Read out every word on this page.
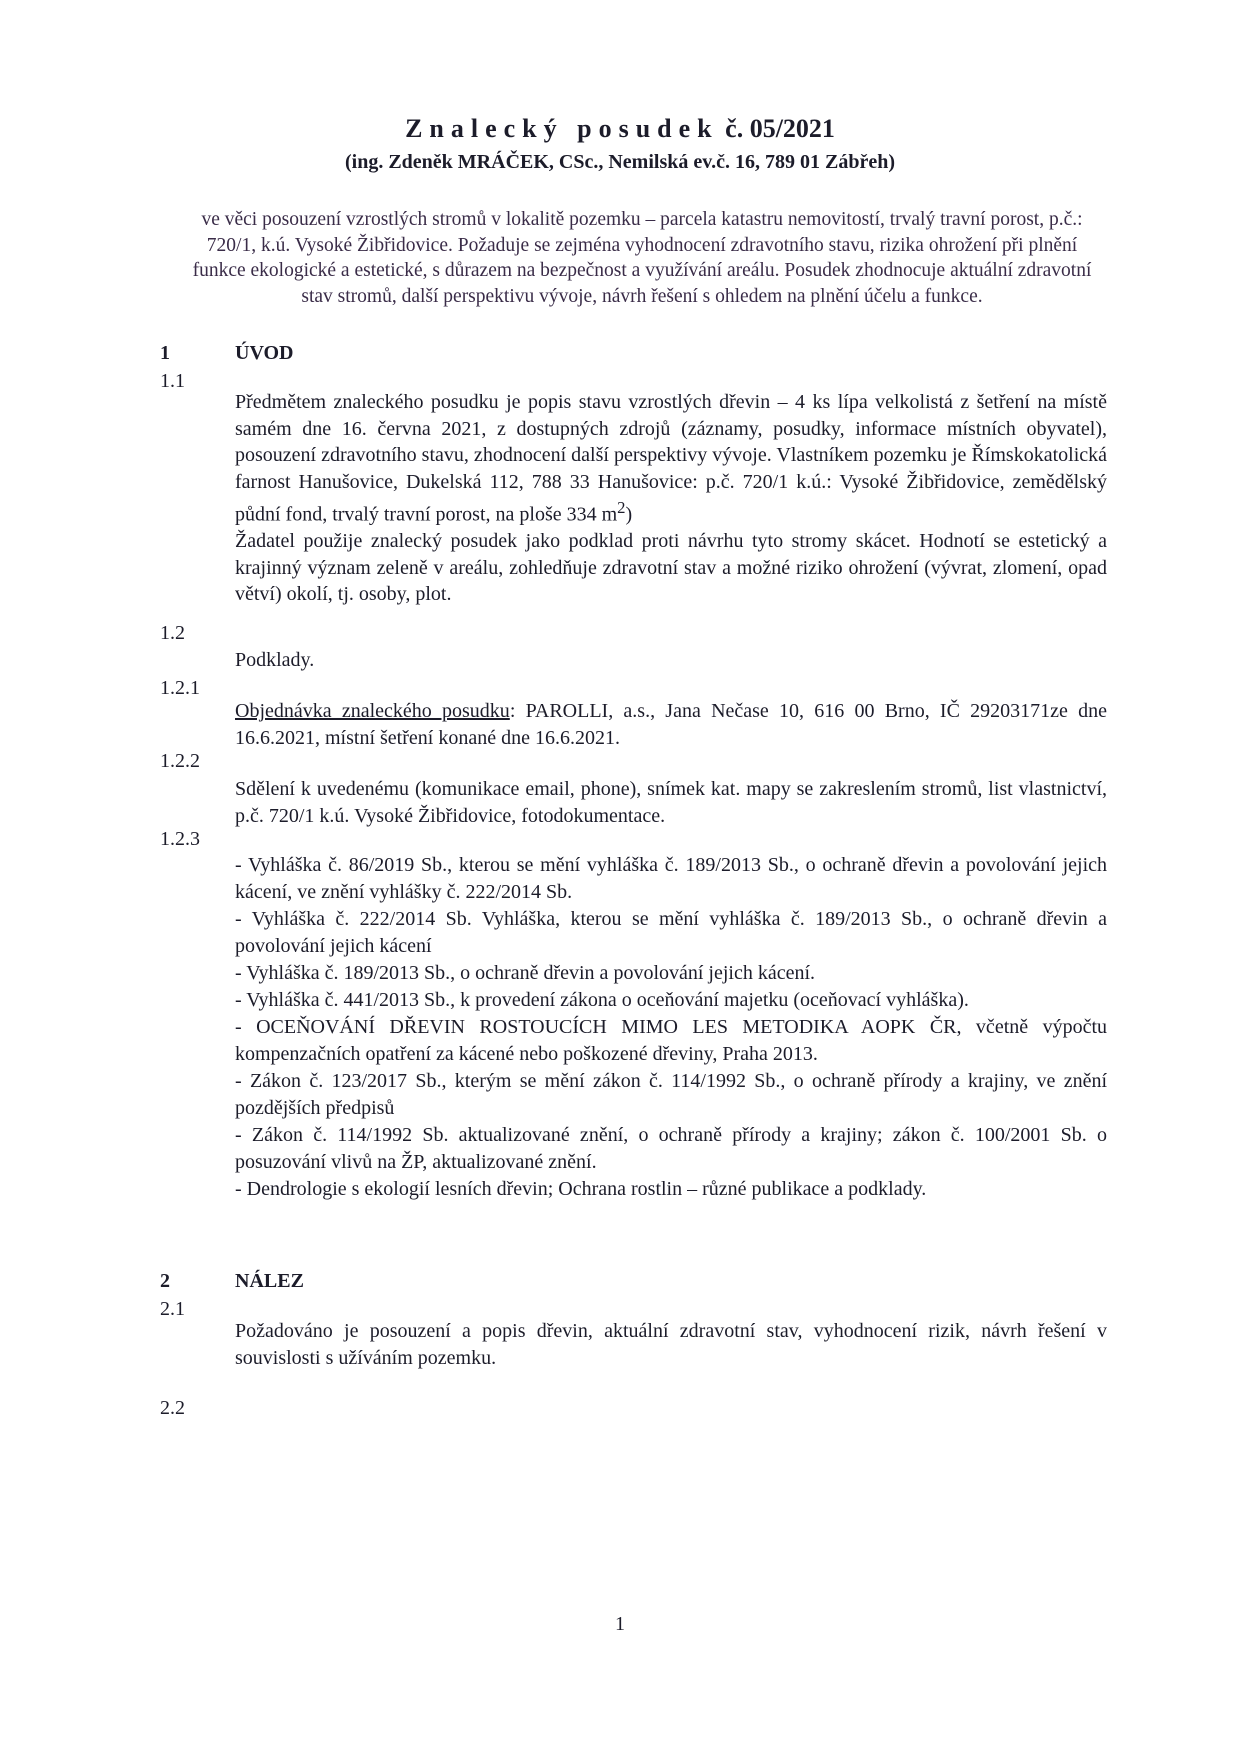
Znalecký posudek č. 05/2021
(ing. Zdeněk MRÁČEK, CSc., Nemilská ev.č. 16, 789 01 Zábřeh)
ve věci posouzení vzrostlých stromů v lokalitě pozemku – parcela katastru nemovitostí, trvalý travní porost, p.č.: 720/1, k.ú. Vysoké Žibřidovice. Požaduje se zejména vyhodnocení zdravotního stavu, rizika ohrožení při plnění funkce ekologické a estetické, s důrazem na bezpečnost a využívání areálu. Posudek zhodnocuje aktuální zdravotní stav stromů, další perspektivu vývoje, návrh řešení s ohledem na plnění účelu a funkce.
1	ÚVOD
1.1

Předmětem znaleckého posudku je popis stavu vzrostlých dřevin – 4 ks lípa velkolistá z šetření na místě samém dne 16. června 2021, z dostupných zdrojů (záznamy, posudky, informace místních obyvatel), posouzení zdravotního stavu, zhodnocení další perspektivy vývoje. Vlastníkem pozemku je Římskokatolická farnost Hanušovice, Dukelská 112, 788 33 Hanušovice: p.č. 720/1 k.ú.: Vysoké Žibřidovice, zemědělský půdní fond, trvalý travní porost, na ploše 334 $m^2$)

Žadatel použije znalecký posudek jako podklad proti návrhu tyto stromy skácet. Hodnotí se estetický a krajinný význam zeleně v areálu, zohledňuje zdravotní stav a možné riziko ohrožení (vývrat, zlomení, opad větví) okolí, tj. osoby, plot.

1.2
Podklady.
1.2.1
Objednávka znaleckého posudku: PAROLLI, a.s., Jana Nečase 10, 616 00 Brno, IČ 29203171ze dne 16.6.2021, místní šetření konané dne 16.6.2021.
1.2.2
Sdělení k uvedenému (komunikace email, phone), snímek kat. mapy se zakreslením stromů, list vlastnictví, p.č. 720/1 k.ú. Vysoké Žibřidovice, fotodokumentace.
1.2.3

- Vyhláška č. 86/2019 Sb., kterou se mění vyhláška č. 189/2013 Sb., o ochraně dřevin a povolování jejich kácení, ve znění vyhlášky č. 222/2014 Sb.

- Vyhláška č. 222/2014 Sb. Vyhláška, kterou se mění vyhláška č. 189/2013 Sb., o ochraně dřevin a povolování jejich kácení

- Vyhláška č. 189/2013 Sb., o ochraně dřevin a povolování jejich kácení.

- Vyhláška č. 441/2013 Sb., k provedení zákona o oceňování majetku (oceňovací vyhláška).

- OCEŇOVÁNÍ DŘEVIN ROSTOUCÍCH MIMO LES METODIKA AOPK ČR, včetně výpočtu kompenzačních opatření za kácené nebo poškozené dřeviny, Praha 2013.

- Zákon č. 123/2017 Sb., kterým se mění zákon č. 114/1992 Sb., o ochraně přírody a krajiny, ve znění pozdějších předpisů

- Zákon č. 114/1992 Sb. aktualizované znění, o ochraně přírody a krajiny; zákon č. 100/2001 Sb. o posuzování vlivů na ŽP, aktualizované znění.

- Dendrologie s ekologií lesních dřevin; Ochrana rostlin – různé publikace a podklady.

2	NÁLEZ
2.1
Požadováno je posouzení a popis dřevin, aktuální zdravotní stav, vyhodnocení rizik, návrh řešení v souvislosti s užíváním pozemku.
2.2
1
